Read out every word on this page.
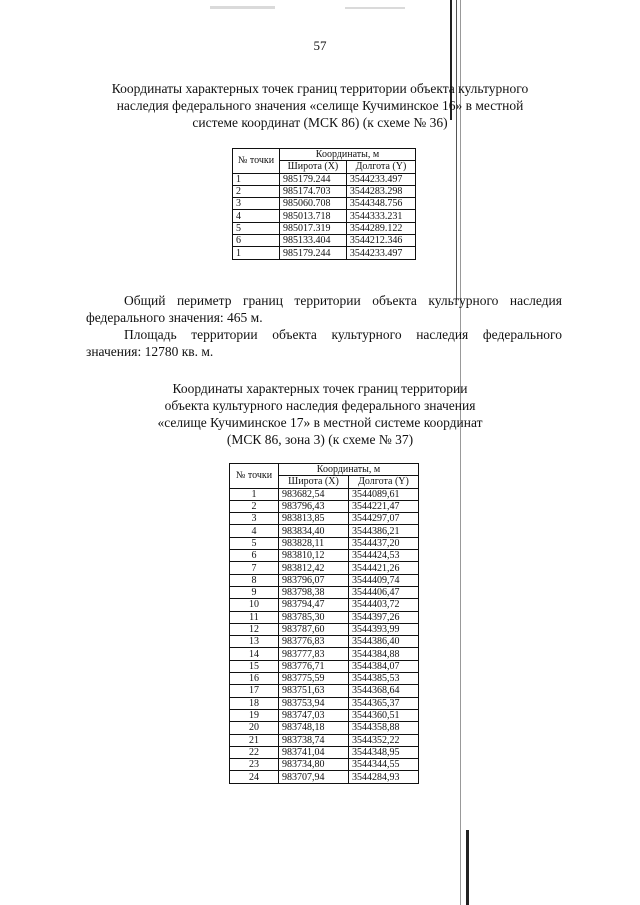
57
Координаты характерных точек границ территории объекта культурного
наследия федерального значения «селище Кучиминское 16» в местной
системе координат (МСК 86) (к схеме № 36)
№ точки	Координаты, м	
	Широта (X)	Долгота (Y)
1	985179.244	3544233.497
2	985174.703	3544283.298
3	985060.708	3544348.756
4	985013.718	3544333.231
5	985017.319	3544289.122
6	985133.404	3544212.346
1	985179.244	3544233.497
Общий периметр границ территории объекта культурного наследия
федерального значения: 465 м.
Площадь территории объекта культурного наследия федерального
значения: 12780 кв. м.
Координаты характерных точек границ территории
объекта культурного наследия федерального значения
«селище Кучиминское 17» в местной системе координат
(МСК 86, зона 3) (к схеме № 37)
№ точки	Координаты, м	
	Широта (X)	Долгота (Y)
1	983682,54	3544089,61
2	983796,43	3544221,47
3	983813,85	3544297,07
4	983834,40	3544386,21
5	983828,11	3544437,20
6	983810,12	3544424,53
7	983812,42	3544421,26
8	983796,07	3544409,74
9	983798,38	3544406,47
10	983794,47	3544403,72
11	983785,30	3544397,26
12	983787,60	3544393,99
13	983776,83	3544386,40
14	983777,83	3544384,88
15	983776,71	3544384,07
16	983775,59	3544385,53
17	983751,63	3544368,64
18	983753,94	3544365,37
19	983747,03	3544360,51
20	983748,18	3544358,88
21	983738,74	3544352,22
22	983741,04	3544348,95
23	983734,80	3544344,55
24	983707,94	3544284,93
